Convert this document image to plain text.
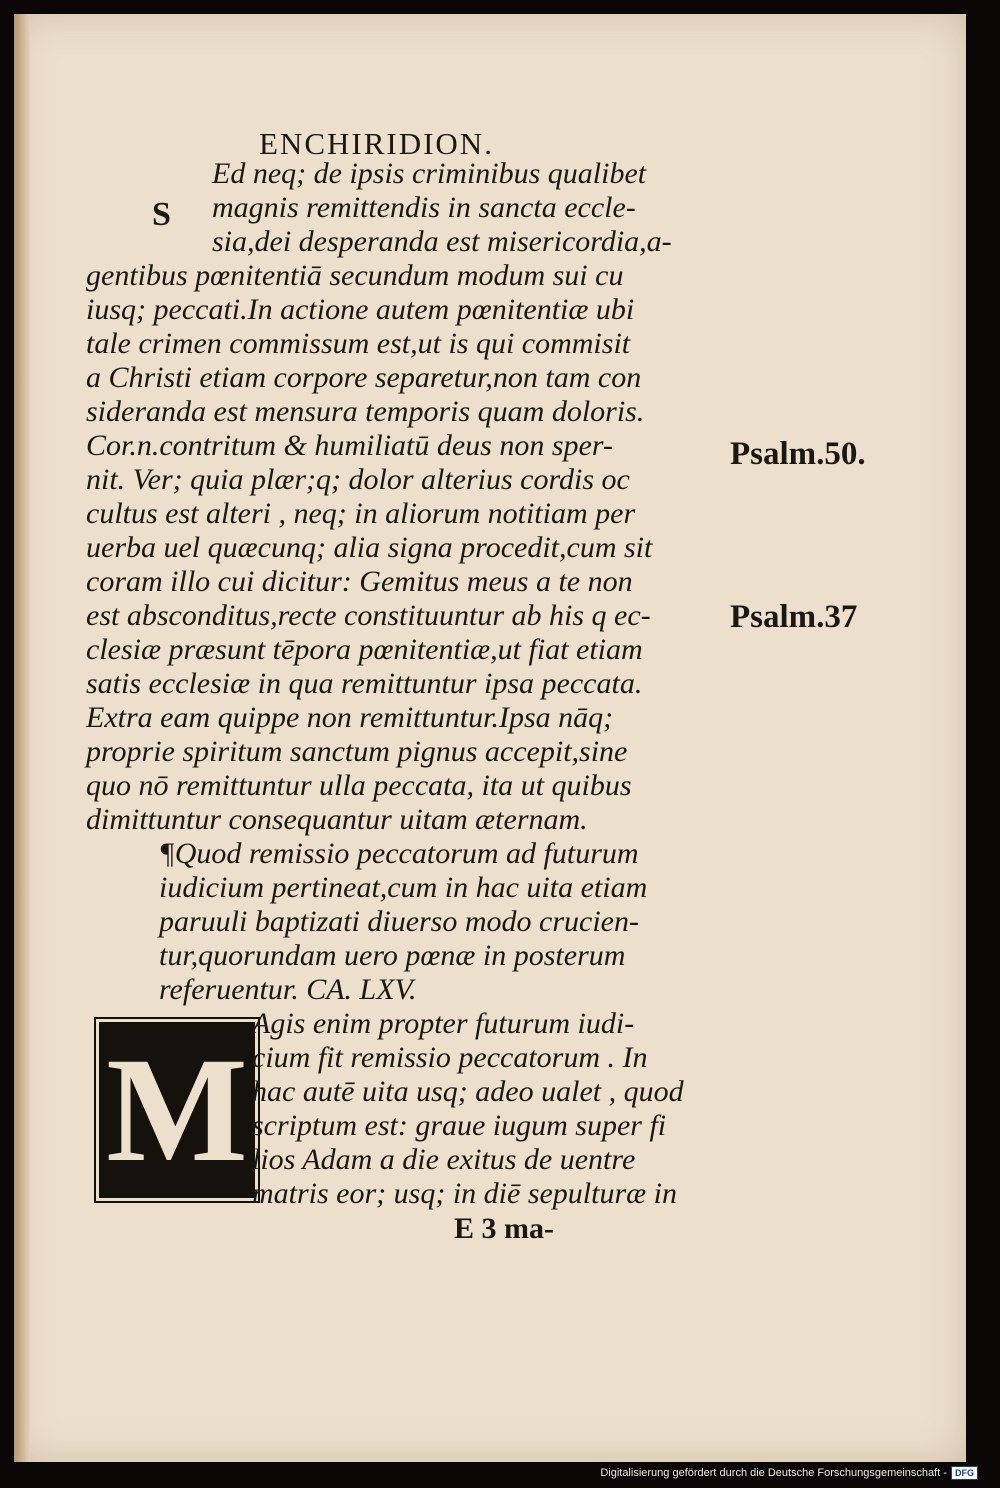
ENCHIRIDION.
S
Ed neq; de ipsis criminibus qualibet
magnis remittendis in sancta eccle-
sia,dei desperanda est misericordia,a-
gentibus pœnitentiā secundum modum sui cu
iusq; peccati.In actione autem pœnitentiæ ubi
tale crimen commissum est,ut is qui commisit
a Christi etiam corpore separetur,non tam con
sideranda est mensura temporis quam doloris.
Cor.n.contritum & humiliatū deus non sper-
nit. Ver; quia plær;q; dolor alterius cordis oc
cultus est alteri , neq; in aliorum notitiam per
uerba uel quæcunq; alia signa procedit,cum sit
coram illo cui dicitur: Gemitus meus a te non
est absconditus,recte constituuntur ab his q ec-
clesiæ præsunt tēpora pœnitentiæ,ut fiat etiam
satis ecclesiæ in qua remittuntur ipsa peccata.
Extra eam quippe non remittuntur.Ipsa nāq;
proprie spiritum sanctum pignus accepit,sine
quo nō remittuntur ulla peccata, ita ut quibus
dimittuntur consequantur uitam æternam.
¶Quod remissio peccatorum ad futurum
iudicium pertineat,cum in hac uita etiam
paruuli baptizati diuerso modo crucien-
tur,quorundam uero pœnæ in posterum
referuentur. CA. LXV.
M
Agis enim propter futurum iudi-
cium fit remissio peccatorum . In
hac autē uita usq; adeo ualet , quod
scriptum est: graue iugum super fi
lios Adam a die exitus de uentre
matris eor; usq; in diē sepulturæ in
E 3 ma-
Psalm.50.
Psalm.37
Digitalisierung gefördert durch die Deutsche Forschungsgemeinschaft - DFG
